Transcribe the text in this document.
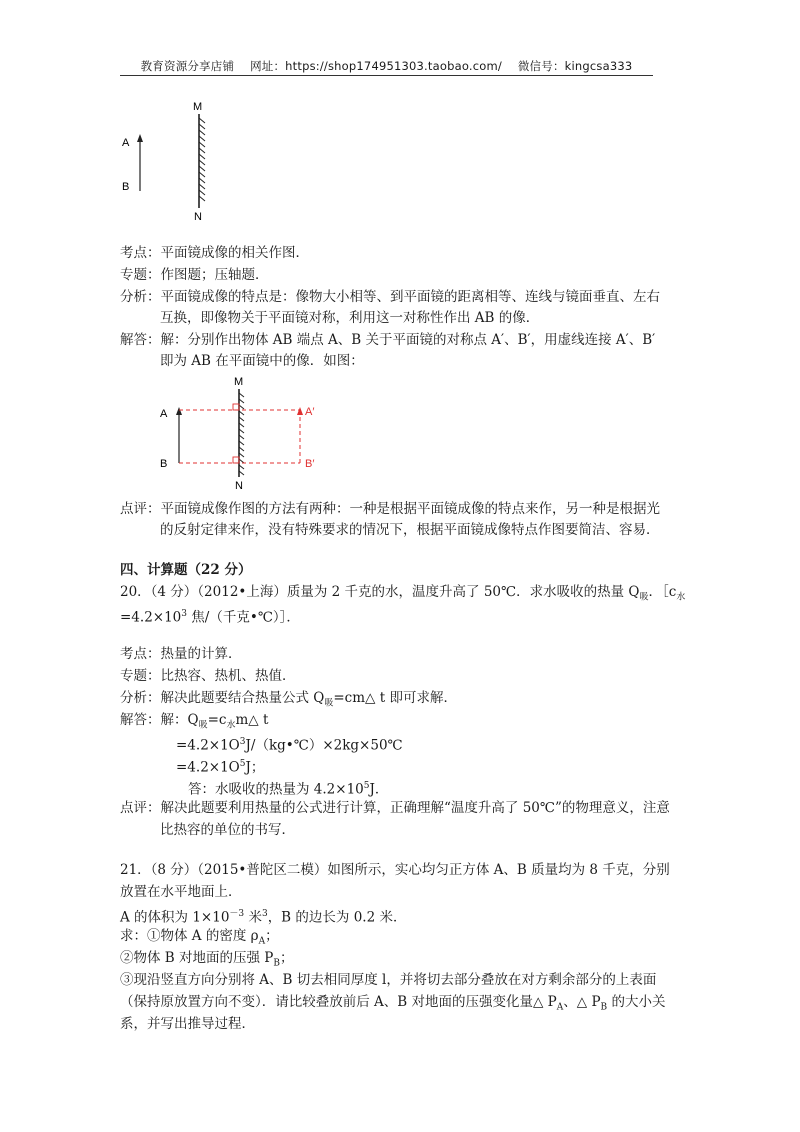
教育资源分享店铺 网址：https://shop174951303.taobao.com/ 微信号：kingcsa333
M
N
A
B
考点：平面镜成像的相关作图．
专题：作图题；压轴题．
分析：平面镜成像的特点是：像物大小相等、到平面镜的距离相等、连线与镜面垂直、左右
互换，即像物关于平面镜对称，利用这一对称性作出 AB 的像．
解答：解：分别作出物体 AB 端点 A、B 关于平面镜的对称点 A′、B′，用虚线连接 A′、B′
即为 AB 在平面镜中的像．如图：
M
N
A
B
A′
B′
点评：平面镜成像作图的方法有两种：一种是根据平面镜成像的特点来作，另一种是根据光
的反射定律来作，没有特殊要求的情况下，根据平面镜成像特点作图要简洁、容易．
四、计算题（22 分）
20．（4 分）（2012•上海）质量为 2 千克的水，温度升高了 50℃．求水吸收的热量 $Q_吸$．$[c_水$
$=4.2\times 10^3$ 焦/（千克•℃）］．
考点：热量的计算．
专题：比热容、热机、热值．
分析：解决此题要结合热量公式 $Q_吸=cm\triangle$ t 即可求解．
解答：解：$Q_吸=c_水m\triangle$ t
$=4.2\times 1O^3J/(kg•℃)\times 2kg\times 50℃$
$=4.2\times 1O^5J$；
答：水吸收的热量为 $4.2\times 10^5J$．
点评：解决此题要利用热量的公式进行计算，正确理解“温度升高了 50℃”的物理意义，注意
比热容的单位的书写．
21．（8 分）（2015•普陀区二模）如图所示，实心均匀正方体 A、B 质量均为 8 千克，分别
放置在水平地面上．
A 的体积为 $1\times 10^{-3}$ 米$^3$，B 的边长为 0.2 米．
求：①物体 A 的密度 $\rho_A$；
②物体 B 对地面的压强 $P_B$；
③现沿竖直方向分别将 A、B 切去相同厚度 l，并将切去部分叠放在对方剩余部分的上表面
（保持原放置方向不变）．请比较叠放前后 A、B 对地面的压强变化量△ $P_A$、△ $P_B$ 的大小关
系，并写出推导过程．
